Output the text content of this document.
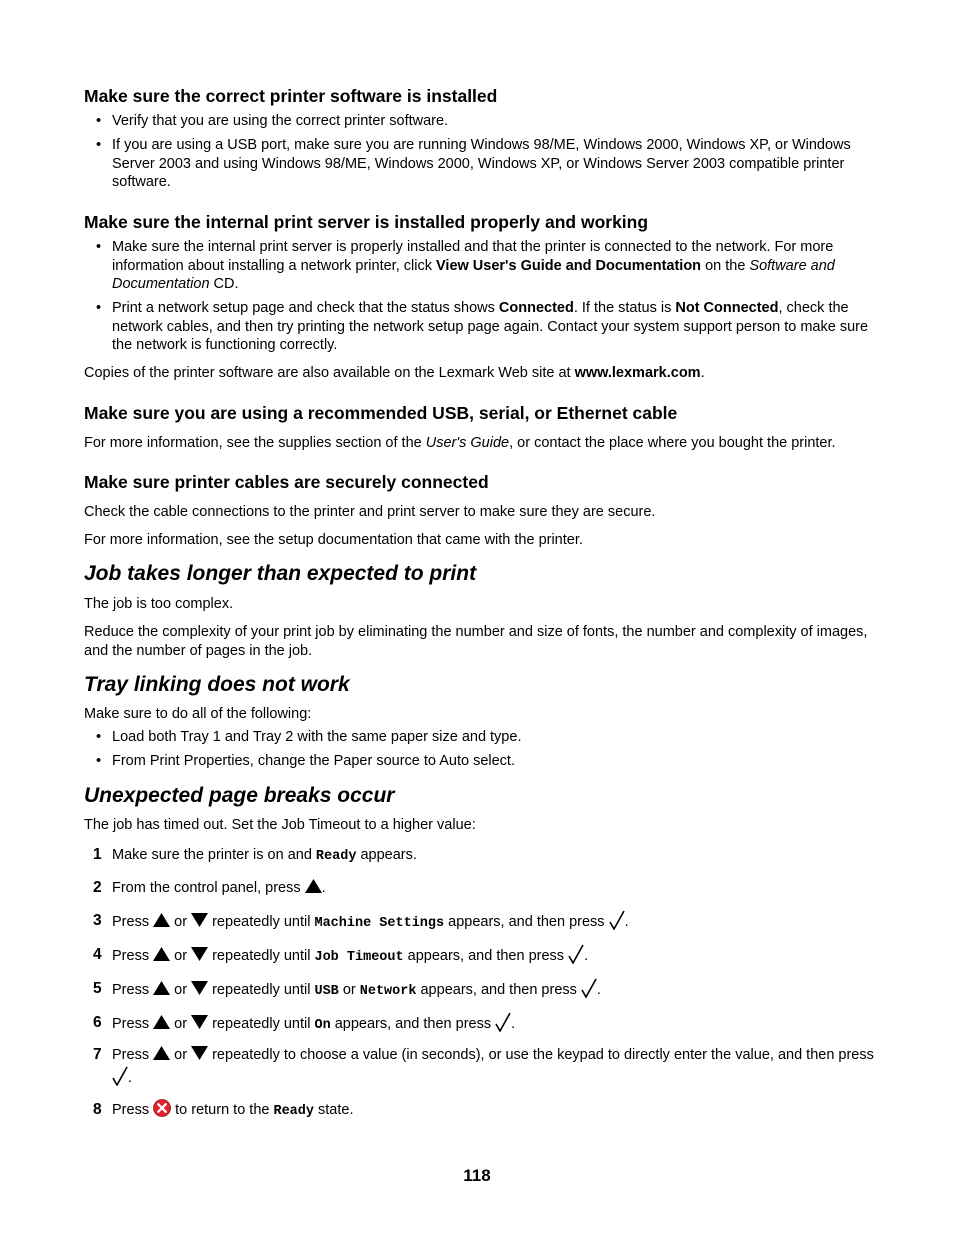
Make sure the correct printer software is installed
• Verify that you are using the correct printer software.
• If you are using a USB port, make sure you are running Windows 98/ME, Windows 2000, Windows XP, or Windows Server 2003 and using Windows 98/ME, Windows 2000, Windows XP, or Windows Server 2003 compatible printer software.
Make sure the internal print server is installed properly and working
• Make sure the internal print server is properly installed and that the printer is connected to the network. For more information about installing a network printer, click View User's Guide and Documentation on the Software and Documentation CD.
• Print a network setup page and check that the status shows Connected. If the status is Not Connected, check the network cables, and then try printing the network setup page again. Contact your system support person to make sure the network is functioning correctly.

Copies of the printer software are also available on the Lexmark Web site at www.lexmark.com.

Make sure you are using a recommended USB, serial, or Ethernet cable

For more information, see the supplies section of the User's Guide, or contact the place where you bought the printer.

Make sure printer cables are securely connected

Check the cable connections to the printer and print server to make sure they are secure.

For more information, see the setup documentation that came with the printer.

Job takes longer than expected to print

The job is too complex.

Reduce the complexity of your print job by eliminating the number and size of fonts, the number and complexity of images, and the number of pages in the job.

Tray linking does not work

Make sure to do all of the following:

• Load both Tray 1 and Tray 2 with the same paper size and type.
• From Print Properties, change the Paper source to Auto select.
Unexpected page breaks occur

The job has timed out. Set the Job Timeout to a higher value:

1 Make sure the printer is on and Ready appears.
2 From the control panel, press .
3 Press or  repeatedly until Machine Settings appears, and then press .
4 Press or  repeatedly until Job Timeout appears, and then press .
5 Press or  repeatedly until USB or Network appears, and then press .
6 Press or  repeatedly until On appears, and then press .
7 Press or  repeatedly to choose a value (in seconds), or use the keypad to directly enter the value, and then press .
8 Press  to return to the Ready state.
118
